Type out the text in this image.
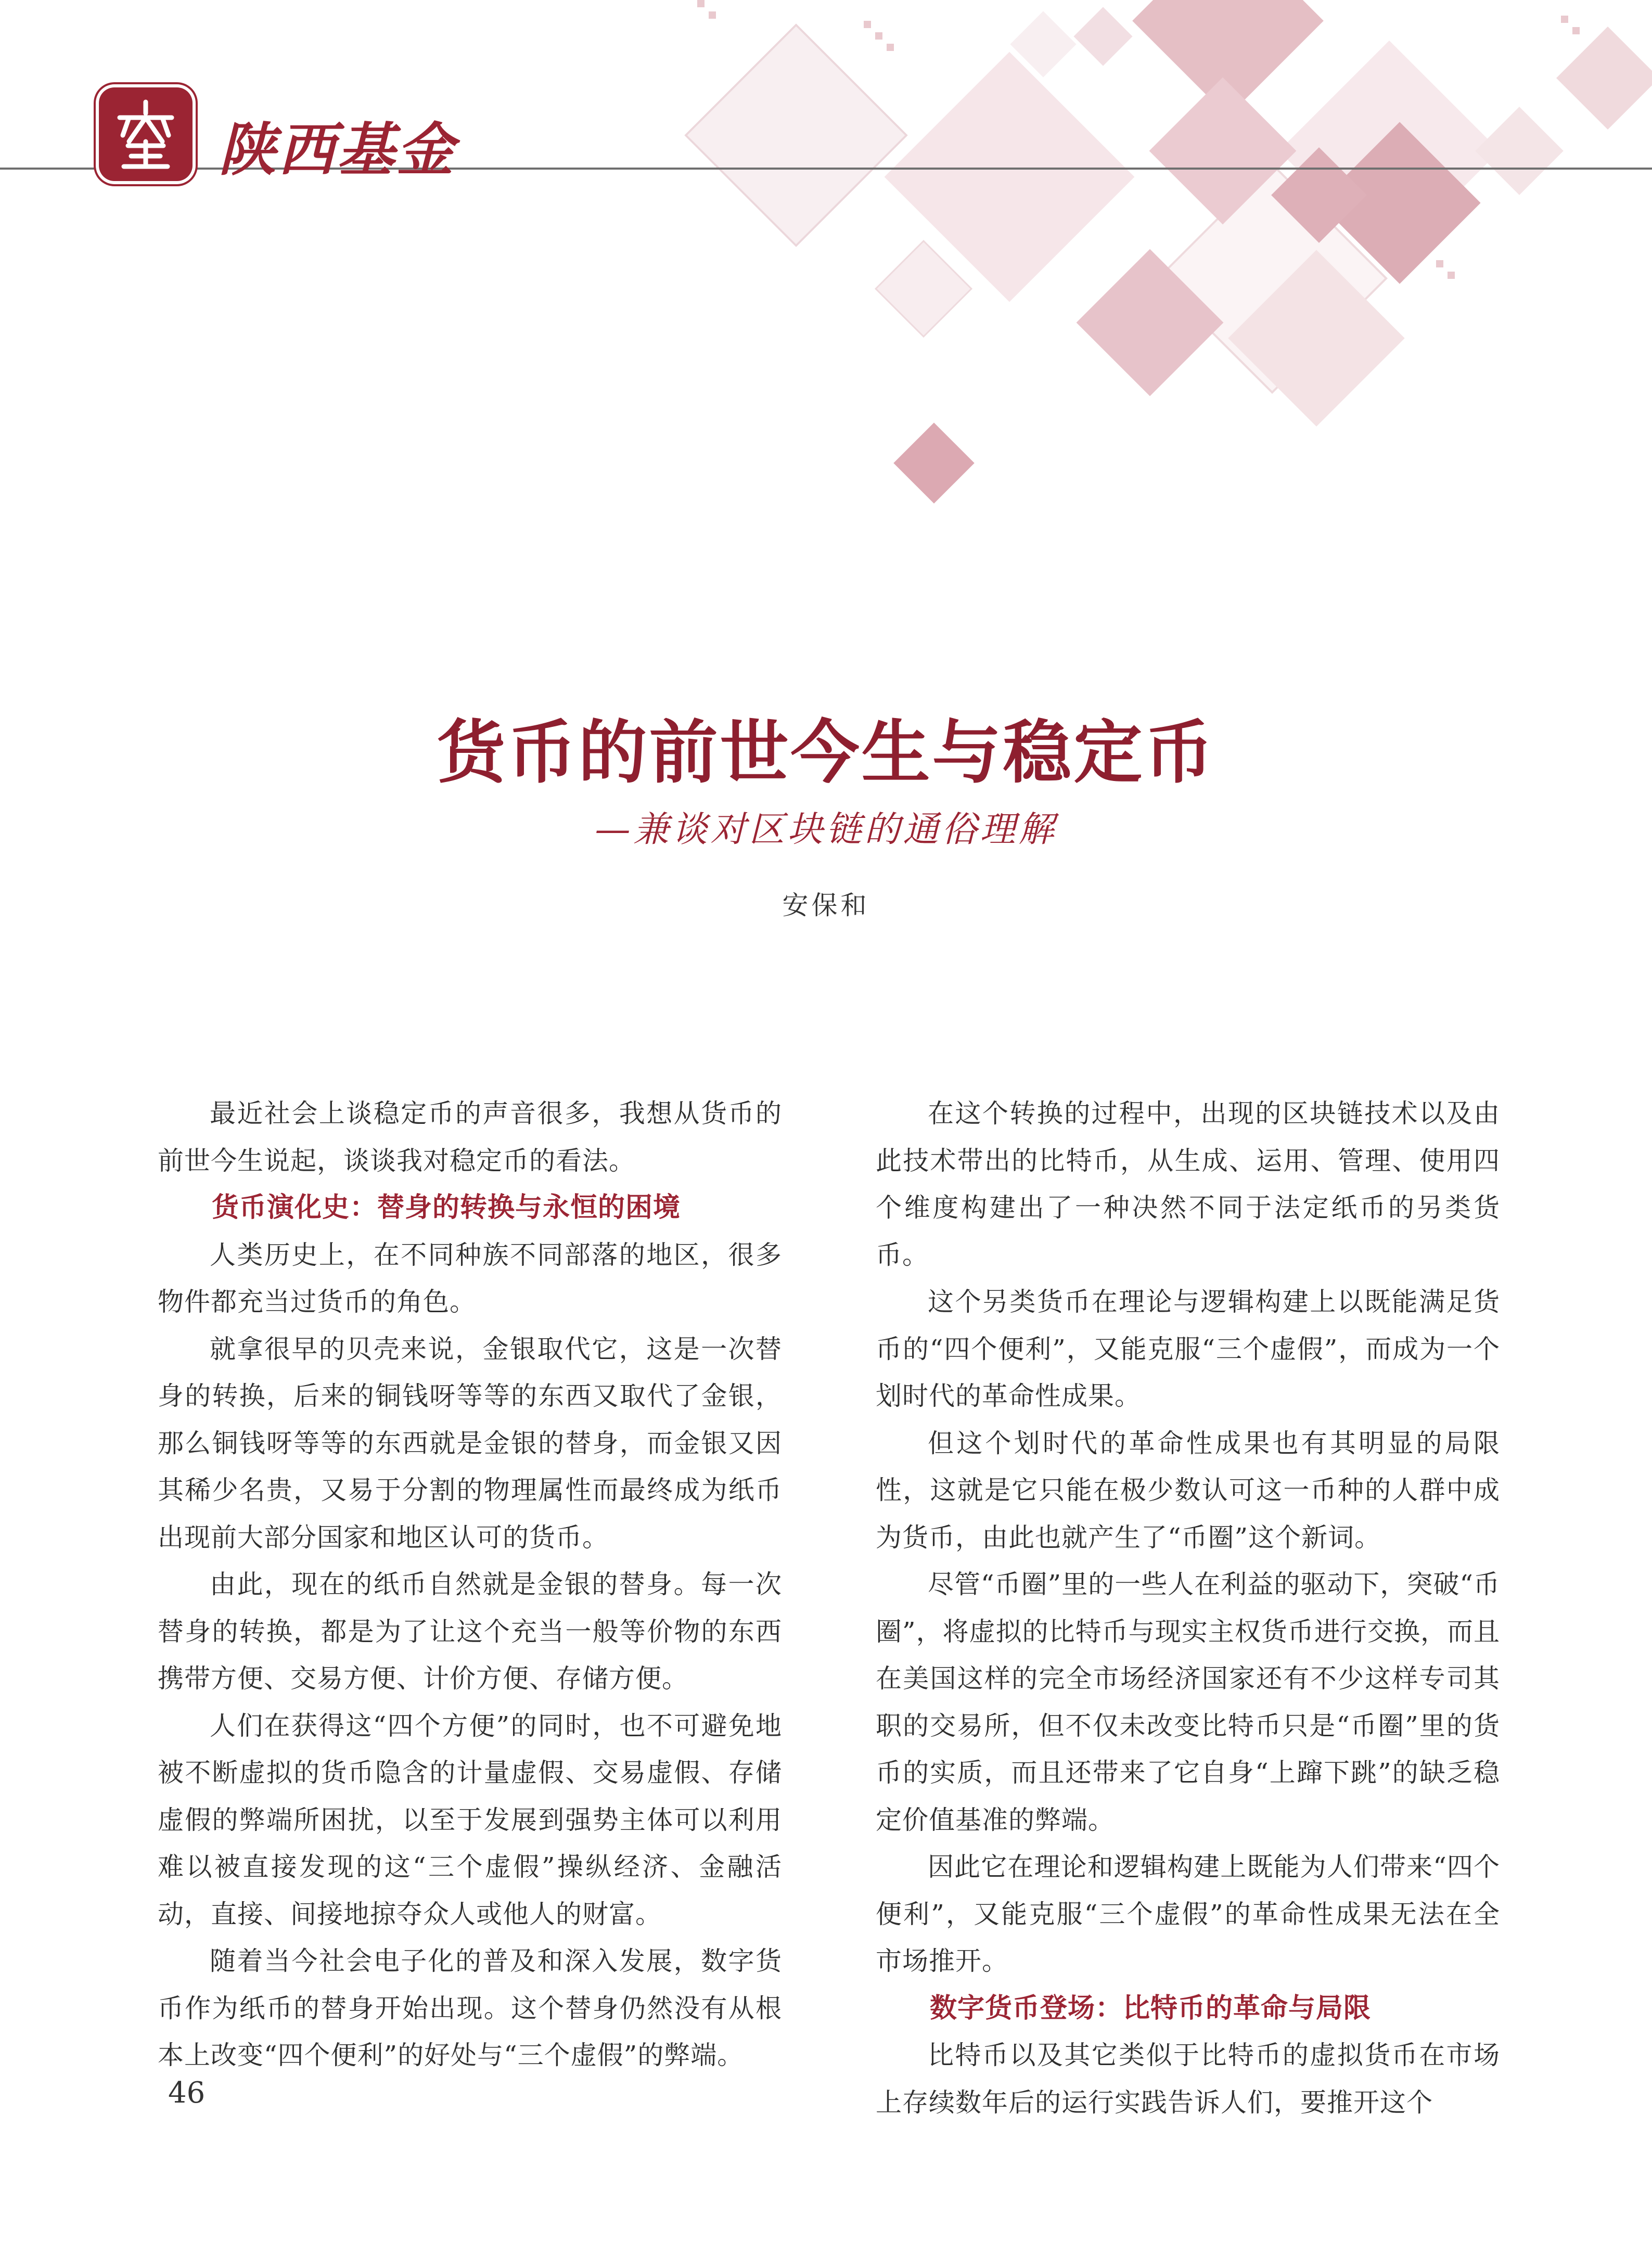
陕西基金
货币的前世今生与稳定币
—兼谈对区块链的通俗理解
安保和

最近社会上谈稳定币的声音很多，我想从货币的前世今生说起，谈谈我对稳定币的看法。

货币演化史：替身的转换与永恒的困境

人类历史上，在不同种族不同部落的地区，很多物件都充当过货币的角色。

就拿很早的贝壳来说，金银取代它，这是一次替身的转换，后来的铜钱呀等等的东西又取代了金银，那么铜钱呀等等的东西就是金银的替身，而金银又因其稀少名贵，又易于分割的物理属性而最终成为纸币出现前大部分国家和地区认可的货币。

由此，现在的纸币自然就是金银的替身。每一次替身的转换，都是为了让这个充当一般等价物的东西携带方便、交易方便、计价方便、存储方便。

人们在获得这“四个方便”的同时，也不可避免地被不断虚拟的货币隐含的计量虚假、交易虚假、存储虚假的弊端所困扰，以至于发展到强势主体可以利用难以被直接发现的这“三个虚假”操纵经济、金融活动，直接、间接地掠夺众人或他人的财富。

随着当今社会电子化的普及和深入发展，数字货币作为纸币的替身开始出现。这个替身仍然没有从根本上改变“四个便利”的好处与“三个虚假”的弊端。

在这个转换的过程中，出现的区块链技术以及由此技术带出的比特币，从生成、运用、管理、使用四个维度构建出了一种决然不同于法定纸币的另类货币。

这个另类货币在理论与逻辑构建上以既能满足货币的“四个便利”，又能克服“三个虚假”，而成为一个划时代的革命性成果。

但这个划时代的革命性成果也有其明显的局限性，这就是它只能在极少数认可这一币种的人群中成为货币，由此也就产生了“币圈”这个新词。

尽管“币圈”里的一些人在利益的驱动下，突破“币圈”，将虚拟的比特币与现实主权货币进行交换，而且在美国这样的完全市场经济国家还有不少这样专司其职的交易所，但不仅未改变比特币只是“币圈”里的货币的实质，而且还带来了它自身“上蹿下跳”的缺乏稳定价值基准的弊端。

因此它在理论和逻辑构建上既能为人们带来“四个便利”，又能克服“三个虚假”的革命性成果无法在全市场推开。

数字货币登场：比特币的革命与局限

比特币以及其它类似于比特币的虚拟货币在市场上存续数年后的运行实践告诉人们，要推开这个

46
